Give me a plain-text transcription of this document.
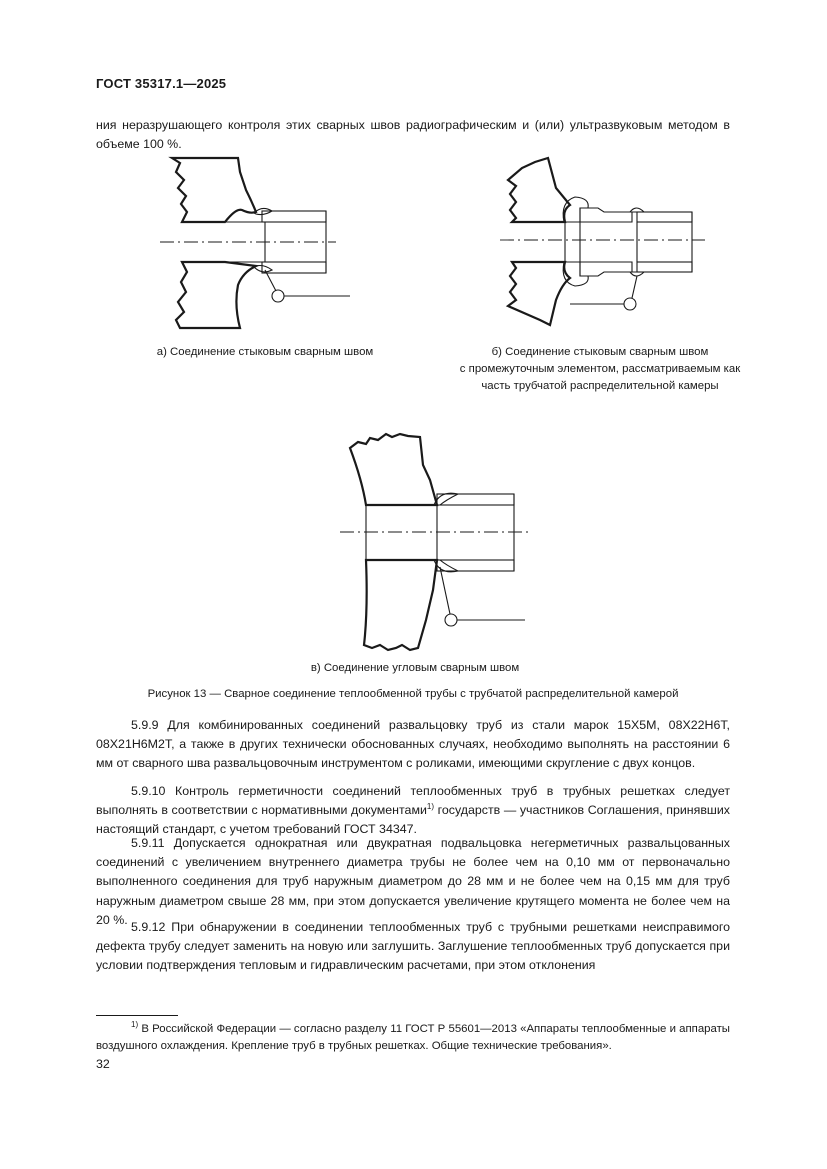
ГОСТ 35317.1—2025
ния неразрушающего контроля этих сварных швов радиографическим и (или) ультразвуковым методом в объеме 100 %.
а) Соединение стыковым сварным швом	б) Соединение стыковым сварным швом
с промежуточным элементом, рассматриваемым как
часть трубчатой распределительной камеры
в) Соединение угловым сварным швом
Рисунок 13 — Сварное соединение теплообменной трубы с трубчатой распределительной камерой
5.9.9 Для комбинированных соединений развальцовку труб из стали марок 15Х5М, 08Х22Н6Т, 08Х21Н6М2Т, а также в других технически обоснованных случаях, необходимо выполнять на расстоянии 6 мм от сварного шва развальцовочным инструментом с роликами, имеющими скругление с двух концов.
5.9.10 Контроль герметичности соединений теплообменных труб в трубных решетках следует выполнять в соответствии с нормативными документами$^{1)}$ государств — участников Соглашения, принявших настоящий стандарт, с учетом требований ГОСТ 34347.
5.9.11 Допускается однократная или двукратная подвальцовка негерметичных развальцованных соединений с увеличением внутреннего диаметра трубы не более чем на 0,10 мм от первоначально выполненного соединения для труб наружным диаметром до 28 мм и не более чем на 0,15 мм для труб наружным диаметром свыше 28 мм, при этом допускается увеличение крутящего момента не более чем на 20 %.
5.9.12 При обнаружении в соединении теплообменных труб с трубными решетками неисправимого дефекта трубу следует заменить на новую или заглушить. Заглушение теплообменных труб допускается при условии подтверждения тепловым и гидравлическим расчетами, при этом отклонения
$^{1)}$ В Российской Федерации — согласно разделу 11 ГОСТ Р 55601—2013 «Аппараты теплообменные и аппараты воздушного охлаждения. Крепление труб в трубных решетках. Общие технические требования».
32
